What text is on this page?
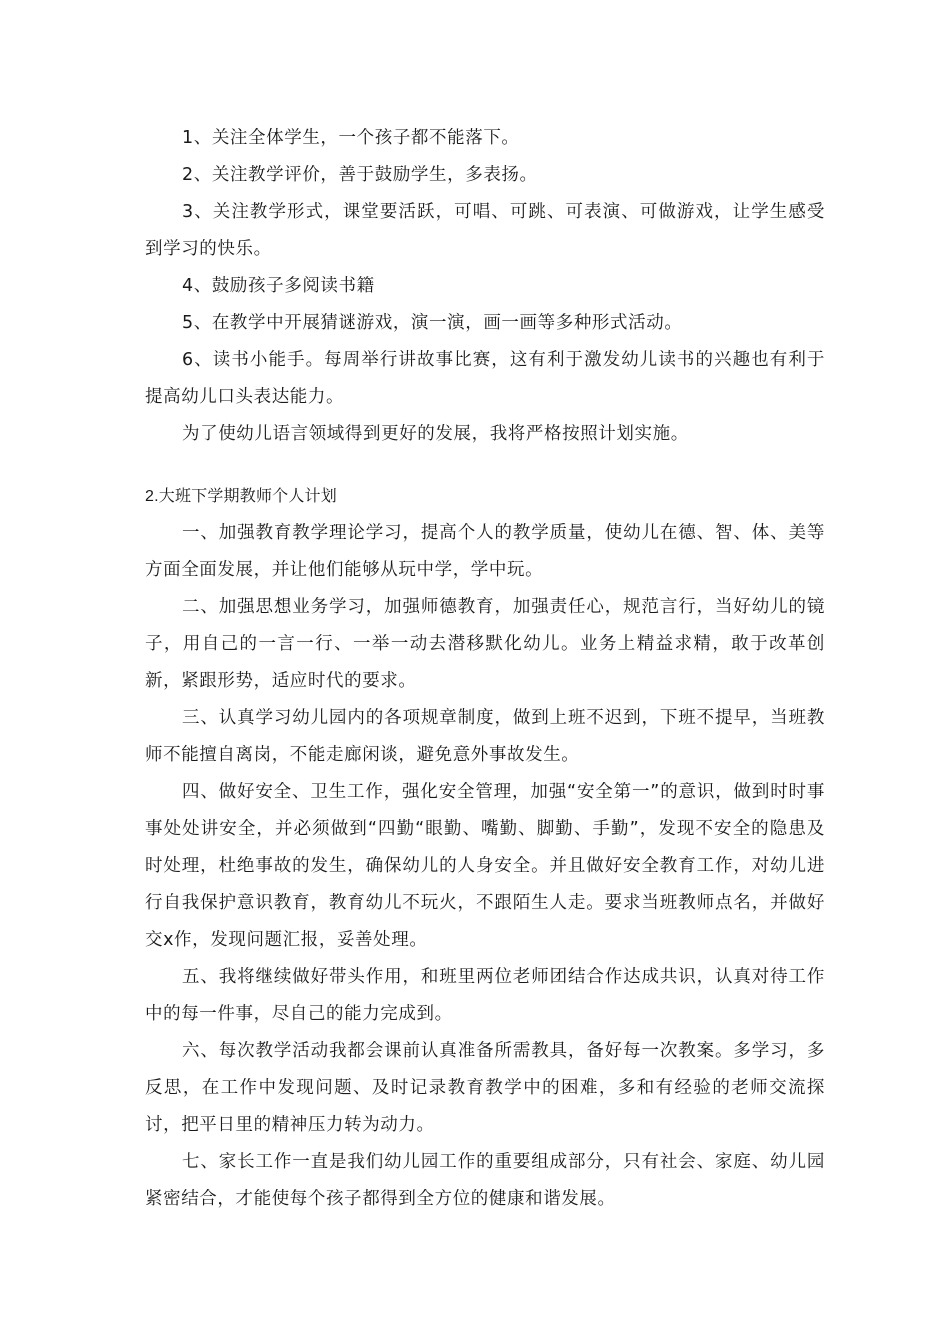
1、关注全体学生，一个孩子都不能落下。

2、关注教学评价，善于鼓励学生，多表扬。

3、关注教学形式，课堂要活跃，可唱、可跳、可表演、可做游戏，让学生感受到学习的快乐。

4、鼓励孩子多阅读书籍

5、在教学中开展猜谜游戏，演一演，画一画等多种形式活动。

6、读书小能手。每周举行讲故事比赛，这有利于激发幼儿读书的兴趣也有利于提高幼儿口头表达能力。

为了使幼儿语言领域得到更好的发展，我将严格按照计划实施。

2.大班下学期教师个人计划

一、加强教育教学理论学习，提高个人的教学质量，使幼儿在德、智、体、美等方面全面发展，并让他们能够从玩中学，学中玩。

二、加强思想业务学习，加强师德教育，加强责任心，规范言行，当好幼儿的镜子，用自己的一言一行、一举一动去潜移默化幼儿。业务上精益求精，敢于改革创新，紧跟形势，适应时代的要求。

三、认真学习幼儿园内的各项规章制度，做到上班不迟到，下班不提早，当班教师不能擅自离岗，不能走廊闲谈，避免意外事故发生。

四、做好安全、卫生工作，强化安全管理，加强“安全第一”的意识，做到时时事事处处讲安全，并必须做到“四勤“眼勤、嘴勤、脚勤、手勤”，发现不安全的隐患及时处理，杜绝事故的发生，确保幼儿的人身安全。并且做好安全教育工作，对幼儿进行自我保护意识教育，教育幼儿不玩火，不跟陌生人走。要求当班教师点名，并做好交x作，发现问题汇报，妥善处理。

五、我将继续做好带头作用，和班里两位老师团结合作达成共识，认真对待工作中的每一件事，尽自己的能力完成到。

六、每次教学活动我都会课前认真准备所需教具，备好每一次教案。多学习，多反思，在工作中发现问题、及时记录教育教学中的困难，多和有经验的老师交流探讨，把平日里的精神压力转为动力。

七、家长工作一直是我们幼儿园工作的重要组成部分，只有社会、家庭、幼儿园紧密结合，才能使每个孩子都得到全方位的健康和谐发展。
